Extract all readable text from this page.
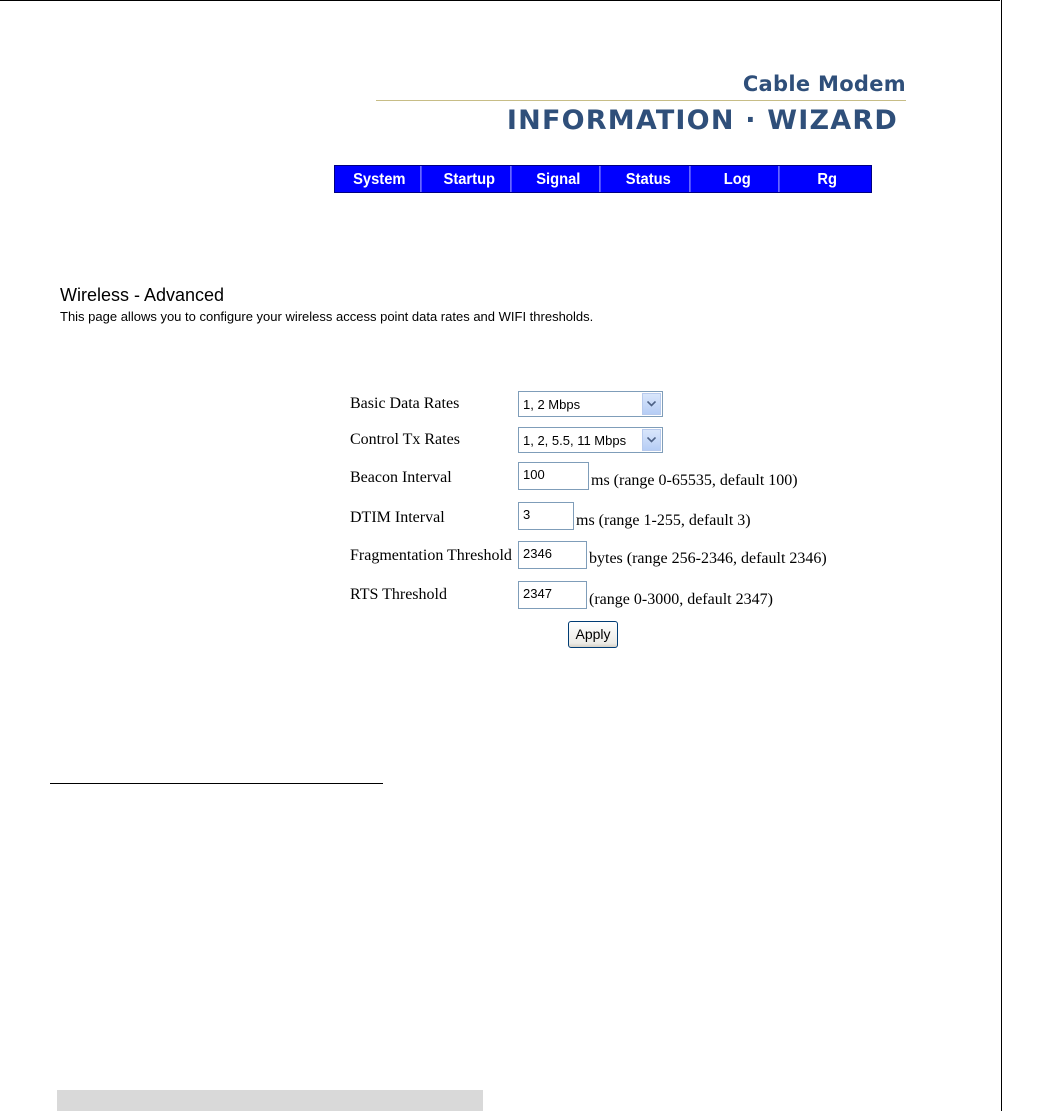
Cable Modem
INFORMATION · WIZARD
System	Startup	Signal	Status	Log	Rg
Wireless - Advanced
This page allows you to configure your wireless access point data rates and WIFI thresholds.
Basic Data Rates	1, 2 Mbps
Control Tx Rates	1, 2, 5.5, 11 Mbps
Beacon Interval	100	ms (range 0-65535, default 100)
DTIM Interval	3	ms (range 1-255, default 3)
Fragmentation Threshold 2346	bytes (range 256-2346, default 2346)
RTS Threshold	2347	(range 0-3000, default 2347)
Apply
